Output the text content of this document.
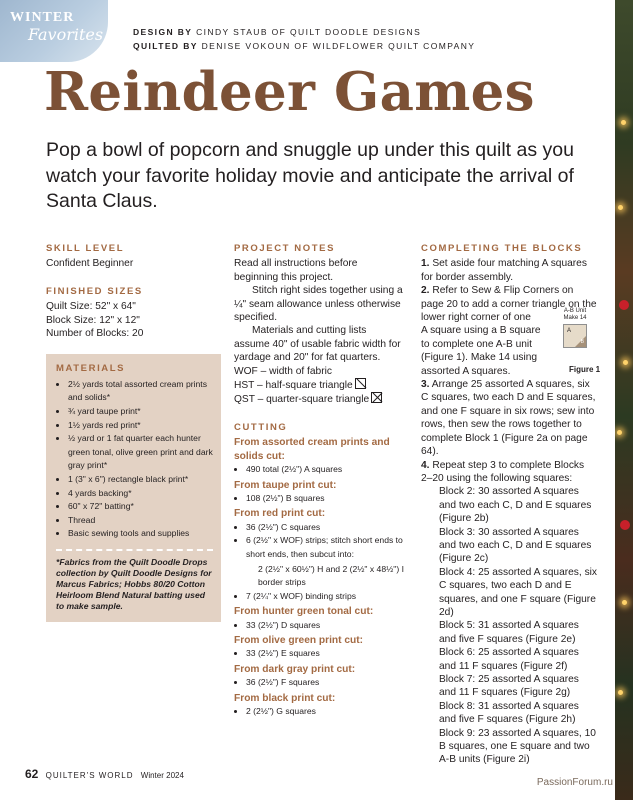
WINTER
Favorites	DESIGN BY CINDY STAUB OF QUILT DOODLE DESIGNS
QUILTED BY DENISE VOKOUN OF WILDFLOWER QUILT COMPANY
Reindeer Games
Pop a bowl of popcorn and snuggle up under this quilt as you watch your favorite holiday movie and anticipate the arrival of Santa Claus.
SKILL LEVEL

Confident Beginner

FINISHED SIZES

Quilt Size: 52" x 64"

Block Size: 12" x 12"

Number of Blocks: 20

MATERIALS
• 2½ yards total assorted cream prints and solids*
• ¾ yard taupe print*
• 1½ yards red print*
• ½ yard or 1 fat quarter each hunter green tonal, olive green print and dark gray print*
• 1 (3" x 6") rectangle black print*
• 4 yards backing*
• 60" x 72" batting*
• Thread
• Basic sewing tools and supplies
*Fabrics from the Quilt Doodle Drops collection by Quilt Doodle Designs for Marcus Fabrics; Hobbs 80/20 Cotton Heirloom Blend Natural batting used to make sample.
PROJECT NOTES

Read all instructions before beginning this project.

Stitch right sides together using a ¼" seam allowance unless otherwise specified.

Materials and cutting lists assume 40" of usable fabric width for yardage and 20" for fat quarters.

WOF – width of fabric

HST – half-square triangle

QST – quarter-square triangle

CUTTING
From assorted cream prints and solids cut:
• 490 total (2½") A squares
From taupe print cut:
• 108 (2½") B squares
From red print cut:
• 36 (2½") C squares
• 6 (2½" x WOF) strips; stitch short ends to short ends, then subcut into:
2 (2½" x 60½") H and 2 (2½" x 48½") I border strips
• 7 (2¼" x WOF) binding strips
From hunter green tonal cut:
• 33 (2½") D squares
From olive green print cut:
• 33 (2½") E squares
From dark gray print cut:
• 36 (2½") F squares
From black print cut:
• 2 (2½") G squares
COMPLETING THE BLOCKS

1. Set aside four matching A squares for border assembly.

2. Refer to Sew & Flip Corners on page 20 to add a corner triangle on the lower right corner of one

A square using a B square

to complete one A-B unit

(Figure 1). Make 14 using

assorted A squares.

3. Arrange 25 assorted A squares, six C squares, two each D and E squares, and one F square in six rows; sew into rows, then sew the rows together to complete Block 1 (Figure 2a on page 64).

4. Repeat step 3 to complete Blocks 2–20 using the following squares:

Block 2: 30 assorted A squares and two each C, D and E squares (Figure 2b)

Block 3: 30 assorted A squares and two each C, D and E squares (Figure 2c)

Block 4: 25 assorted A squares, six C squares, two each D and E squares, and one F square (Figure 2d)

Block 5: 31 assorted A squares and five F squares (Figure 2e)

Block 6: 25 assorted A squares and 11 F squares (Figure 2f)

Block 7: 25 assorted A squares and 11 F squares (Figure 2g)

Block 8: 31 assorted A squares and five F squares (Figure 2h)

Block 9: 23 assorted A squares, 10 B squares, one E square and two A-B units (Figure 2i)

A-B Unit
Make 14
A
B
Figure 1
62 QUILTER'S WORLD Winter 2024
PassionForum.ru
